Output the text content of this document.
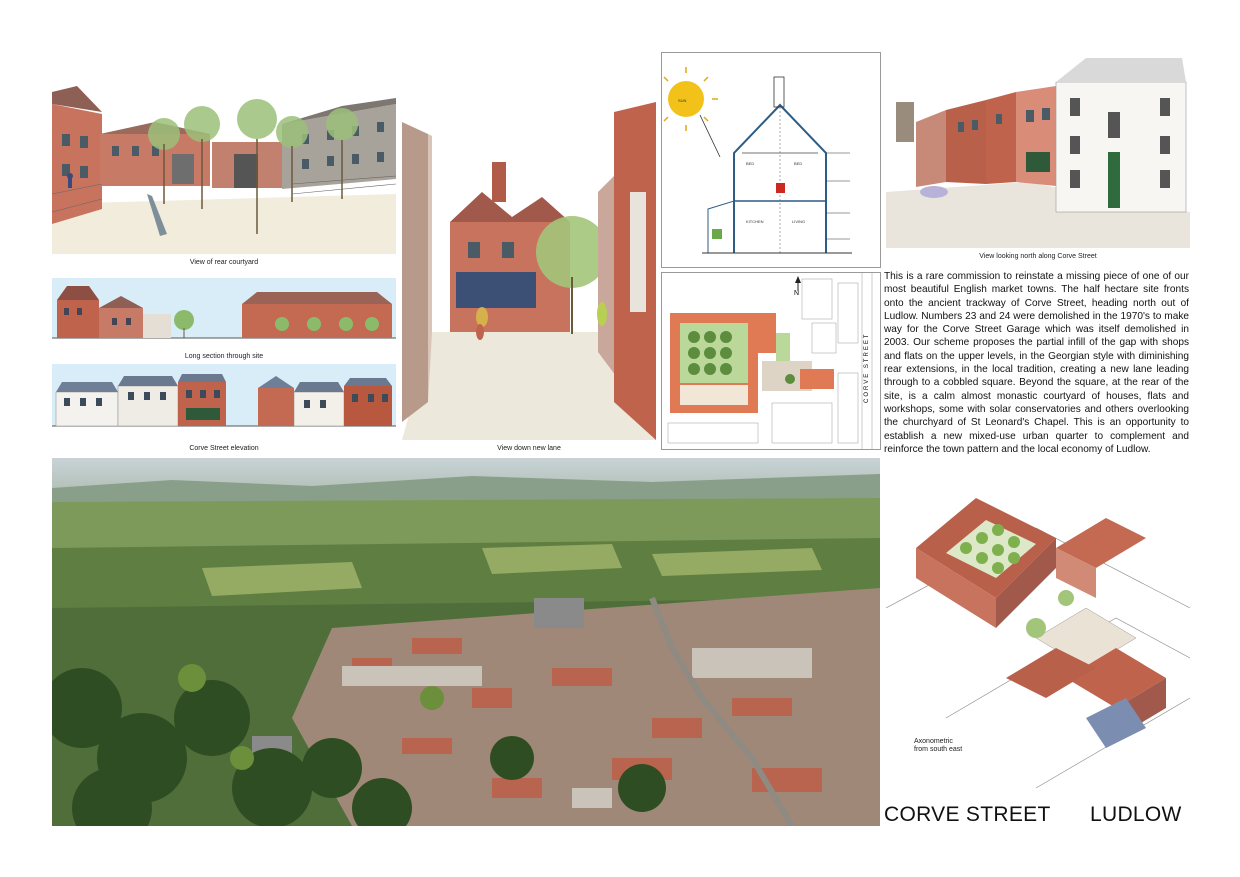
View of rear courtyard
Long section through site
Corve Street elevation	View down new lane
SUN
BED	BED
KITCHEN	LIVING
N
CORVE STREET
View looking north along Corve Street
This is a rare commission to reinstate a missing piece of one of our most beautiful English market towns. The half hectare site fronts onto the ancient trackway of Corve Street, heading north out of Ludlow. Numbers 23 and 24 were demolished in the 1970's to make way for the Corve Street Garage which was itself demolished in 2003. Our scheme proposes the partial infill of the gap with shops and flats on the upper levels, in the Georgian style with diminishing rear extensions, in the local tradition, creating a new lane leading through to a cobbled square. Beyond the square, at the rear of the site, is a calm almost monastic courtyard of houses, flats and workshops, some with solar conservatories and others overlooking the churchyard of St Leonard's Chapel. This is an opportunity to establish a new mixed-use urban quarter to complement and reinforce the town pattern and the local economy of Ludlow.
Axonometric from south east
CORVE STREET LUDLOW
